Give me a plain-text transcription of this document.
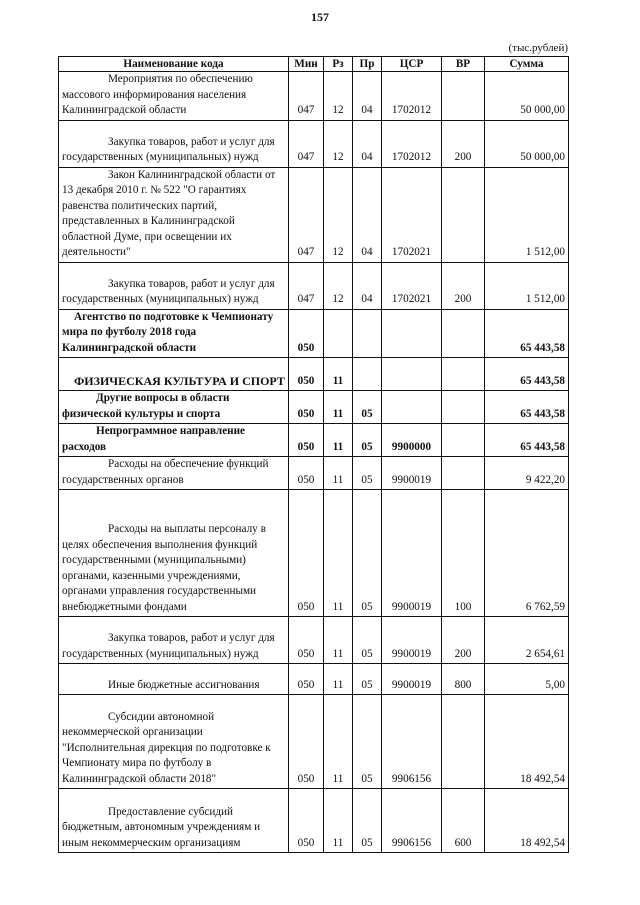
157
(тыс.рублей)
Наименование кода	Мин	Рз	Пр	ЦСР	ВР	Сумма
Мероприятия по обеспечению массового информирования населения Калининградской области	047	12	04	1702012		50 000,00
Закупка товаров, работ и услуг для государственных (муниципальных) нужд	047	12	04	1702012	200	50 000,00
Закон Калининградской области от 13 декабря 2010 г. № 522 "О гарантиях равенства политических партий, представленных в Калининградской областной Думе, при освещении их деятельности"	047	12	04	1702021		1 512,00
Закупка товаров, работ и услуг для государственных (муниципальных) нужд	047	12	04	1702021	200	1 512,00
Агентство по подготовке к Чемпионату мира по футболу 2018 года Калининградской области	050					65 443,58
ФИЗИЧЕСКАЯ КУЛЬТУРА И СПОРТ	050	11				65 443,58
Другие вопросы в области физической культуры и спорта	050	11	05			65 443,58
Непрограммное направление расходов	050	11	05	9900000		65 443,58
Расходы на обеспечение функций государственных органов	050	11	05	9900019		9 422,20
Расходы на выплаты персоналу в целях обеспечения выполнения функций государственными (муниципальными) органами, казенными учреждениями, органами управления государственными внебюджетными фондами	050	11	05	9900019	100	6 762,59
Закупка товаров, работ и услуг для государственных (муниципальных) нужд	050	11	05	9900019	200	2 654,61
Иные бюджетные ассигнования	050	11	05	9900019	800	5,00
Субсидии автономной некоммерческой организации "Исполнительная дирекция по подготовке к Чемпионату мира по футболу в Калининградской области 2018"	050	11	05	9906156		18 492,54
Предоставление субсидий бюджетным, автономным учреждениям и иным некоммерческим организациям	050	11	05	9906156	600	18 492,54
